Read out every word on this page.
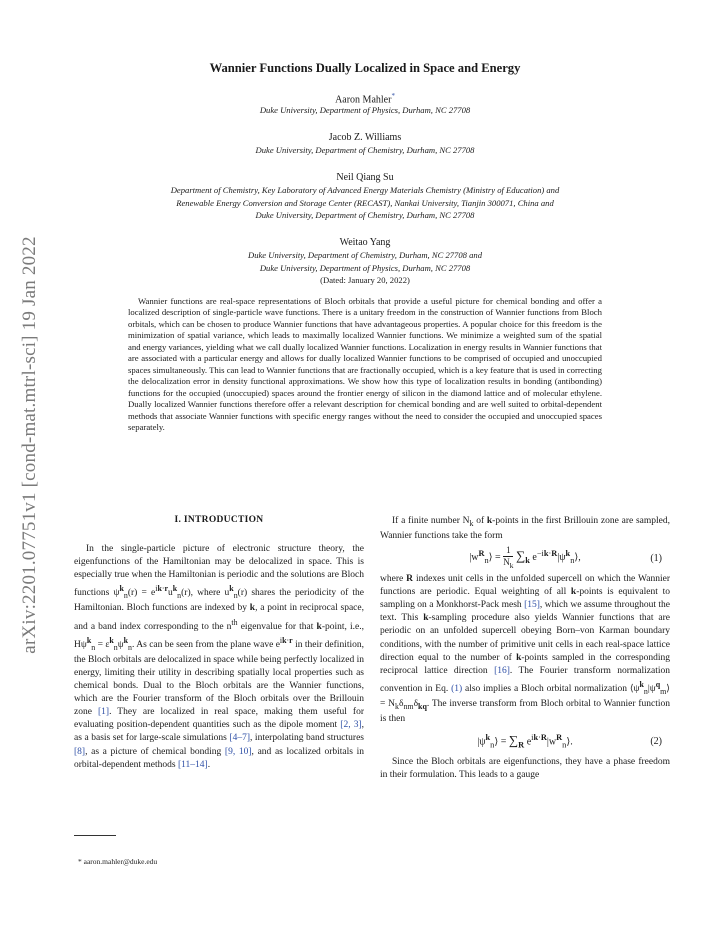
arXiv:2201.07751v1 [cond-mat.mtrl-sci] 19 Jan 2022
Wannier Functions Dually Localized in Space and Energy
Aaron Mahler*
Duke University, Department of Physics, Durham, NC 27708
Jacob Z. Williams
Duke University, Department of Chemistry, Durham, NC 27708
Neil Qiang Su
Department of Chemistry, Key Laboratory of Advanced Energy Materials Chemistry (Ministry of Education) and
Renewable Energy Conversion and Storage Center (RECAST), Nankai University, Tianjin 300071, China and
Duke University, Department of Chemistry, Durham, NC 27708
Weitao Yang
Duke University, Department of Chemistry, Durham, NC 27708 and
Duke University, Department of Physics, Durham, NC 27708
(Dated: January 20, 2022)

Wannier functions are real-space representations of Bloch orbitals that provide a useful picture for chemical bonding and offer a localized description of single-particle wave functions. There is a unitary freedom in the construction of Wannier functions from Bloch orbitals, which can be chosen to produce Wannier functions that have advantageous properties. A popular choice for this freedom is the minimization of spatial variance, which leads to maximally localized Wannier functions. We minimize a weighted sum of the spatial and energy variances, yielding what we call dually localized Wannier functions. Localization in energy results in Wannier functions that are associated with a particular energy and allows for dually localized Wannier functions to be comprised of occupied and unoccupied spaces simultaneously. This can lead to Wannier functions that are fractionally occupied, which is a key feature that is used in correcting the delocalization error in density functional approximations. We show how this type of localization results in bonding (antibonding) functions for the occupied (unoccupied) spaces around the frontier energy of silicon in the diamond lattice and of molecular ethylene. Dually localized Wannier functions therefore offer a relevant description for chemical bonding and are well suited to orbital-dependent methods that associate Wannier functions with specific energy ranges without the need to consider the occupied and unoccupied spaces separately.

I. INTRODUCTION

In the single-particle picture of electronic structure theory, the eigenfunctions of the Hamiltonian may be delocalized in space. This is especially true when the Hamiltonian is periodic and the solutions are Bloch functions $\psi^k_n(r) = e^{ik\cdot r}u^k_n(r)$, where $u^k_n(r)$ shares the periodicity of the Hamiltonian. Bloch functions are indexed by k, a point in reciprocal space, and a band index corresponding to the $n^{th}$ eigenvalue for that k-point, i.e., $H\psi^k_n = \varepsilon^k_n\psi^k_n$. As can be seen from the plane wave $e^{ik\cdot r}$ in their definition, the Bloch orbitals are delocalized in space while being perfectly localized in energy, limiting their utility in describing spatially local properties such as chemical bonds. Dual to the Bloch orbitals are the Wannier functions, which are the Fourier transform of the Bloch orbitals over the Brillouin zone [1]. They are localized in real space, making them useful for evaluating position-dependent quantities such as the dipole moment [2, 3], as a basis set for large-scale simulations [4–7], interpolating band structures [8], as a picture of chemical bonding [9, 10], and as localized orbitals in orbital-dependent methods [11–14].

If a finite number $N_k$ of k-points in the first Brillouin zone are sampled, Wannier functions take the form

$|w^R_n⟩$ =
1
$N_k$ $\sum_k$ $e^{-ik\cdot R}|\psi^k_n⟩$,	(1)

where R indexes unit cells in the unfolded supercell on which the Wannier functions are periodic. Equal weighting of all k-points is equivalent to sampling on a Monkhorst-Pack mesh [15], which we assume throughout the text. This k-sampling procedure also yields Wannier functions that are periodic on an unfolded supercell obeying Born–von Karman boundary conditions, with the number of primitive unit cells in each real-space lattice direction equal to the number of k-points sampled in the corresponding reciprocal lattice direction [16]. The Fourier transform normalization convention in Eq. (1) also implies a Bloch orbital normalization $⟨\psi^k_n|\psi^q_m⟩ = N_k\delta_{nm}\delta_{kq}$. The inverse transform from Bloch orbital to Wannier function is then

$|\psi^k_n⟩ = \sum_R$ $e^{ik\cdot R}|w^R_n⟩$.	(2)

Since the Bloch orbitals are eigenfunctions, they have a phase freedom in their formulation. This leads to a gauge

* aaron.mahler@duke.edu
